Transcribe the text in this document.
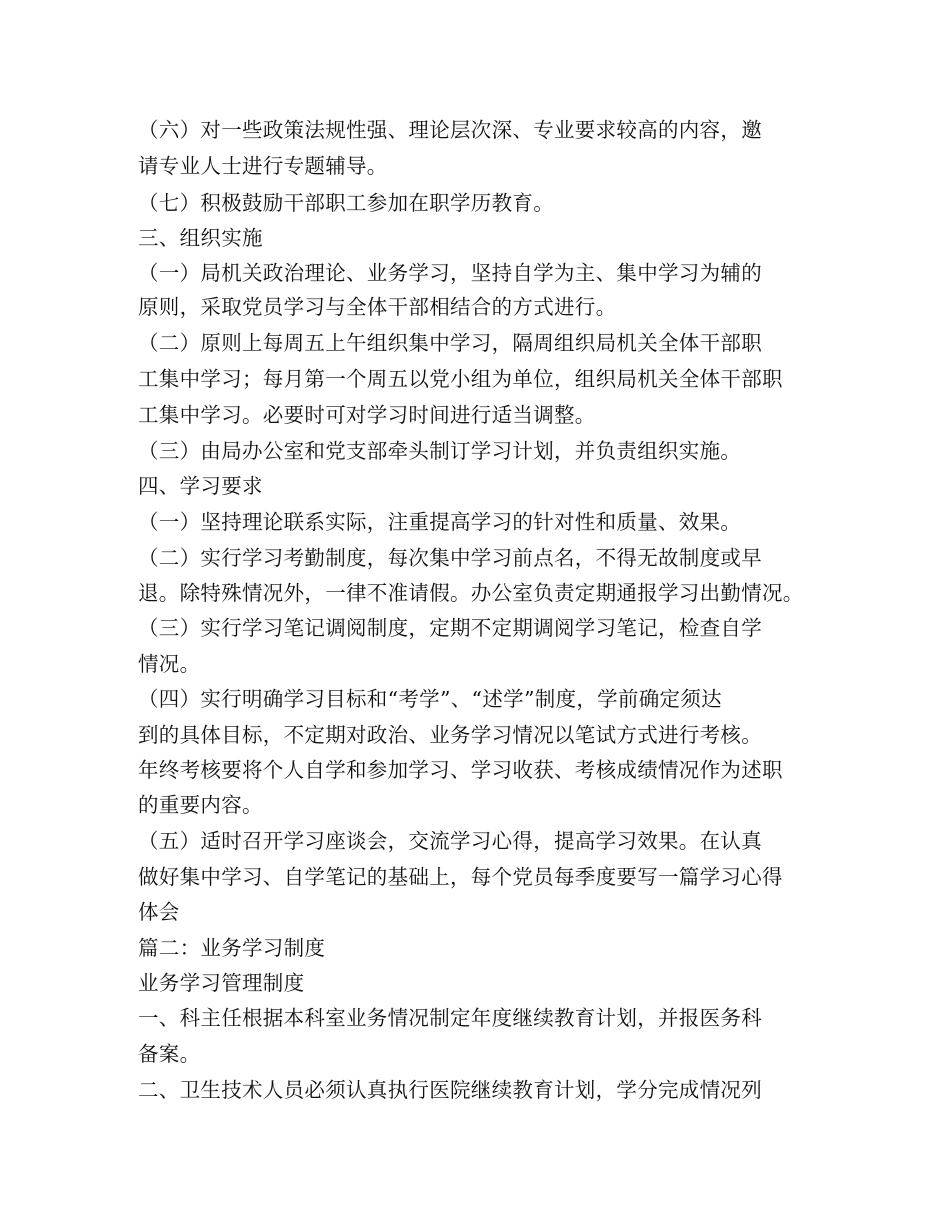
（六）对一些政策法规性强、理论层次深、专业要求较高的内容，邀
请专业人士进行专题辅导。
（七）积极鼓励干部职工参加在职学历教育。
三、组织实施
（一）局机关政治理论、业务学习，坚持自学为主、集中学习为辅的
原则，采取党员学习与全体干部相结合的方式进行。
（二）原则上每周五上午组织集中学习，隔周组织局机关全体干部职
工集中学习；每月第一个周五以党小组为单位，组织局机关全体干部职
工集中学习。必要时可对学习时间进行适当调整。
（三）由局办公室和党支部牵头制订学习计划，并负责组织实施。
四、学习要求
（一）坚持理论联系实际，注重提高学习的针对性和质量、效果。
（二）实行学习考勤制度，每次集中学习前点名，不得无故制度或早
退。除特殊情况外，一律不准请假。办公室负责定期通报学习出勤情况。
（三）实行学习笔记调阅制度，定期不定期调阅学习笔记，检查自学
情况。
（四）实行明确学习目标和“考学”、“述学”制度，学前确定须达
到的具体目标，不定期对政治、业务学习情况以笔试方式进行考核。
年终考核要将个人自学和参加学习、学习收获、考核成绩情况作为述职
的重要内容。
（五）适时召开学习座谈会，交流学习心得，提高学习效果。在认真
做好集中学习、自学笔记的基础上，每个党员每季度要写一篇学习心得
体会
篇二：业务学习制度
业务学习管理制度
一、科主任根据本科室业务情况制定年度继续教育计划，并报医务科
备案。
二、卫生技术人员必须认真执行医院继续教育计划，学分完成情况列
